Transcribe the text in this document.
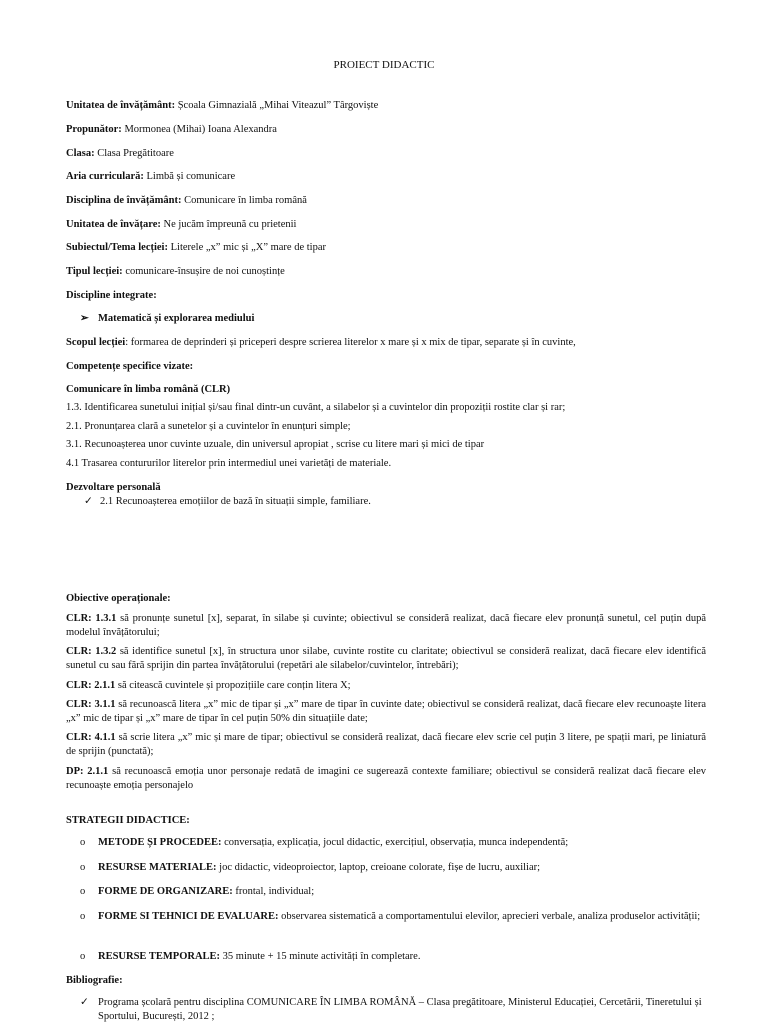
PROIECT DIDACTIC
Unitatea de învățământ: Școala Gimnazială „Mihai Viteazul” Târgoviște
Propunător: Mormonea (Mihai) Ioana Alexandra
Clasa: Clasa Pregătitoare
Aria curriculară: Limbă și comunicare
Disciplina de învățământ: Comunicare în limba română
Unitatea de învățare: Ne jucăm împreună cu prietenii
Subiectul/Tema lecției: Literele „x” mic și „X” mare de tipar
Tipul lecției: comunicare-însușire de noi cunoștințe
Discipline integrate:
➢ Matematică și explorarea mediului
Scopul lecției: formarea de deprinderi și priceperi despre scrierea literelor x mare și x mix de tipar, separate și în cuvinte,
Competențe specifice vizate:
Comunicare în limba română (CLR)
1.3. Identificarea sunetului inițial și/sau final dintr-un cuvânt, a silabelor și a cuvintelor din propoziții rostite clar și rar;
2.1. Pronunțarea clară a sunetelor și a cuvintelor în enunțuri simple;
3.1. Recunoașterea unor cuvinte uzuale, din universul apropiat , scrise cu litere mari și mici de tipar
4.1 Trasarea contururilor literelor prin intermediul unei varietăți de materiale.
Dezvoltare personală
✓ 2.1 Recunoașterea emoțiilor de bază în situații simple, familiare.
Obiective operaționale:
CLR: 1.3.1 să pronunțe sunetul [x], separat, în silabe și cuvinte; obiectivul se consideră realizat, dacă fiecare elev pronunță sunetul, cel puțin după modelul învățătorului;
CLR: 1.3.2 să identifice sunetul [x], în structura unor silabe, cuvinte rostite cu claritate; obiectivul se consideră realizat, dacă fiecare elev identifică sunetul cu sau fără sprijin din partea învățătorului (repetări ale silabelor/cuvintelor, întrebări);
CLR: 2.1.1 să citească cuvintele și propozițiile care conțin litera X;
CLR: 3.1.1 să recunoască litera „x” mic de tipar și „x” mare de tipar în cuvinte date; obiectivul se consideră realizat, dacă fiecare elev recunoaște litera „x” mic de tipar și „x” mare de tipar în cel puțin 50% din situațiile date;
CLR: 4.1.1 să scrie litera „x” mic și mare de tipar; obiectivul se consideră realizat, dacă fiecare elev scrie cel puțin 3 litere, pe spații mari, pe liniatură de sprijin (punctată);
DP: 2.1.1 să recunoască emoția unor personaje redată de imagini ce sugerează contexte familiare; obiectivul se consideră realizat dacă fiecare elev recunoaște emoția personajelo
STRATEGII DIDACTICE:
o METODE ȘI PROCEDEE: conversația, explicația, jocul didactic, exercițiul, observația, munca independentă;
o RESURSE MATERIALE: joc didactic, videoproiector, laptop, creioane colorate, fișe de lucru, auxiliar;
o FORME DE ORGANIZARE: frontal, individual;
o FORME SI TEHNICI DE EVALUARE: observarea sistematică a comportamentului elevilor, aprecieri verbale, analiza produselor activității;
o RESURSE TEMPORALE: 35 minute + 15 minute activități în completare.
Bibliografie:
✓ Programa școlară pentru disciplina COMUNICARE ÎN LIMBA ROMÂNĂ – Clasa pregătitoare, Ministerul Educației, Cercetării, Tineretului și Sportului, București, 2012 ;
